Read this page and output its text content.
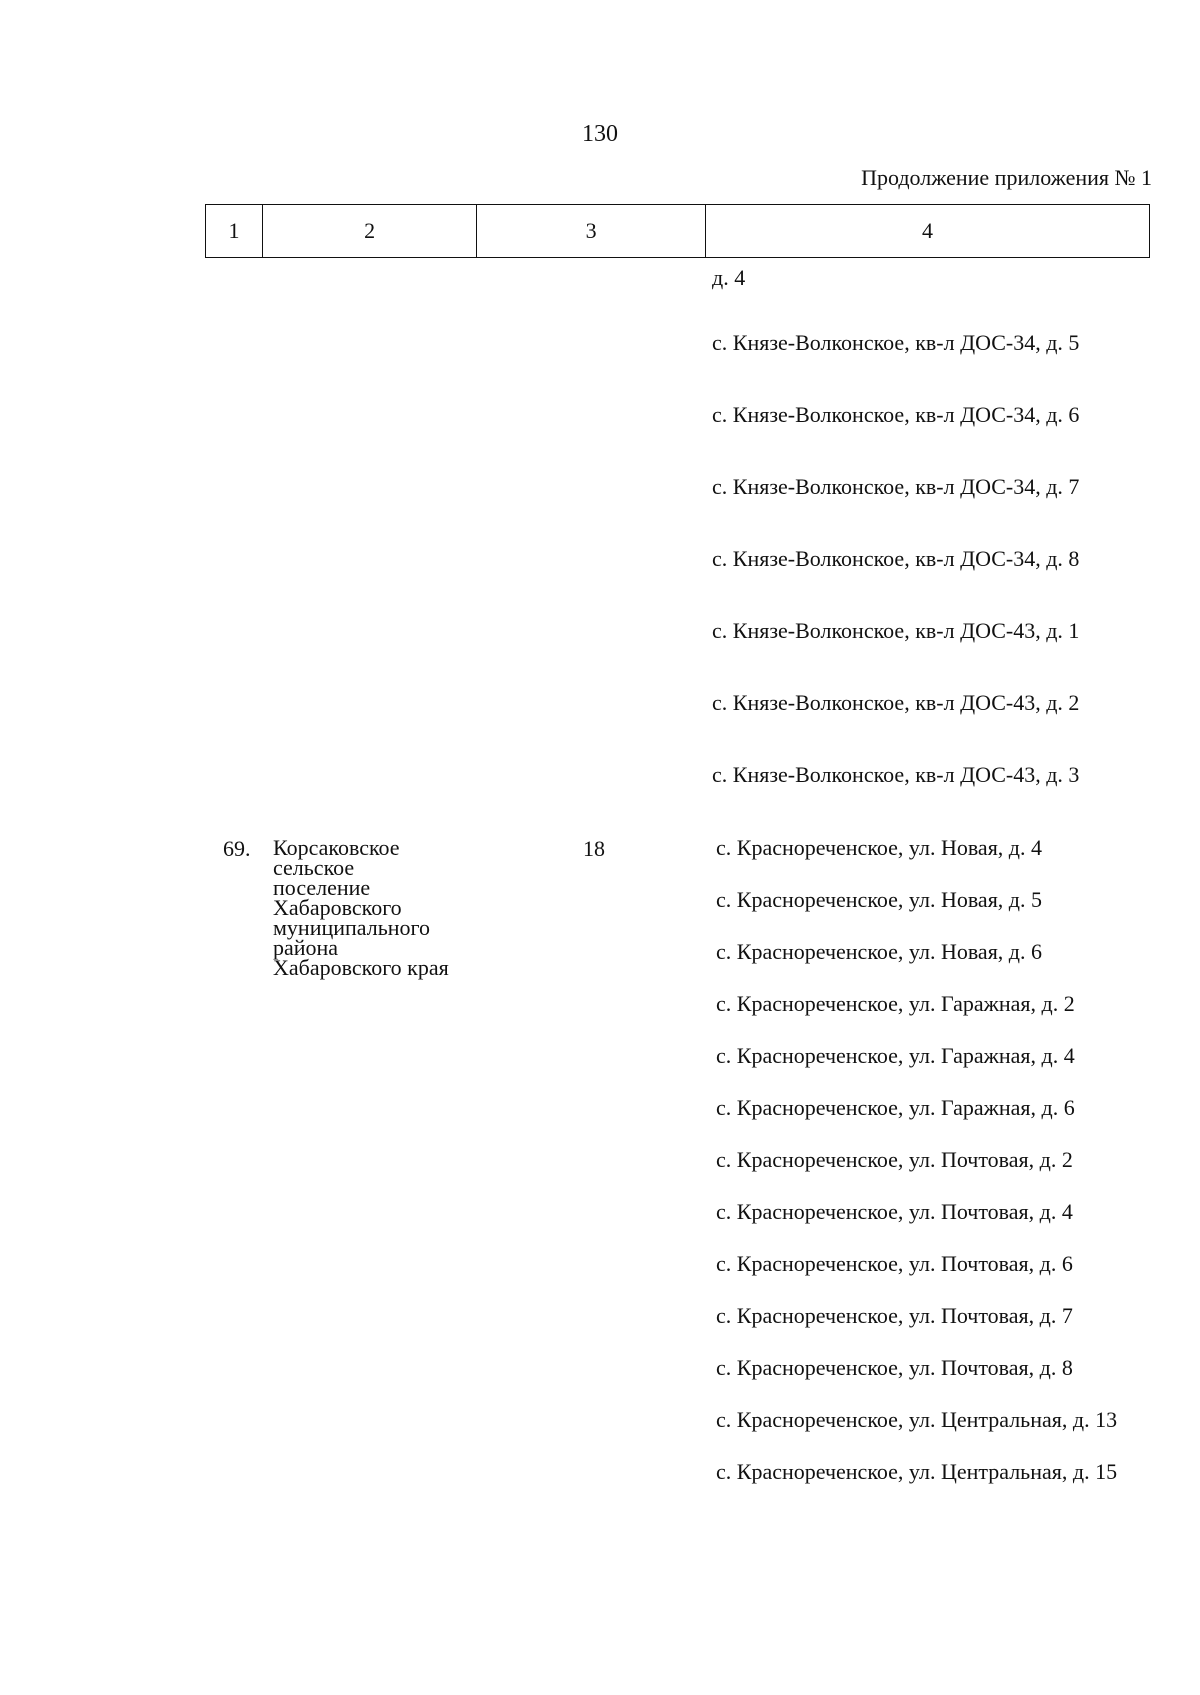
130
Продолжение приложения № 1
1	2	3	4

д. 4

с. Князе-Волконское, кв-л ДОС-34, д. 5

с. Князе-Волконское, кв-л ДОС-34, д. 6

с. Князе-Волконское, кв-л ДОС-34, д. 7

с. Князе-Волконское, кв-л ДОС-34, д. 8

с. Князе-Волконское, кв-л ДОС-43, д. 1

с. Князе-Волконское, кв-л ДОС-43, д. 2

с. Князе-Волконское, кв-л ДОС-43, д. 3

69. Корсаковское
сельское
поселение
Хабаровского
муниципального
района
Хабаровского края
18	с. Краснореченское, ул. Новая, д. 4
с. Краснореченское, ул. Новая, д. 5
с. Краснореченское, ул. Новая, д. 6
с. Краснореченское, ул. Гаражная, д. 2
с. Краснореченское, ул. Гаражная, д. 4
с. Краснореченское, ул. Гаражная, д. 6
с. Краснореченское, ул. Почтовая, д. 2
с. Краснореченское, ул. Почтовая, д. 4
с. Краснореченское, ул. Почтовая, д. 6
с. Краснореченское, ул. Почтовая, д. 7
с. Краснореченское, ул. Почтовая, д. 8
с. Краснореченское, ул. Центральная, д. 13
с. Краснореченское, ул. Центральная, д. 15
